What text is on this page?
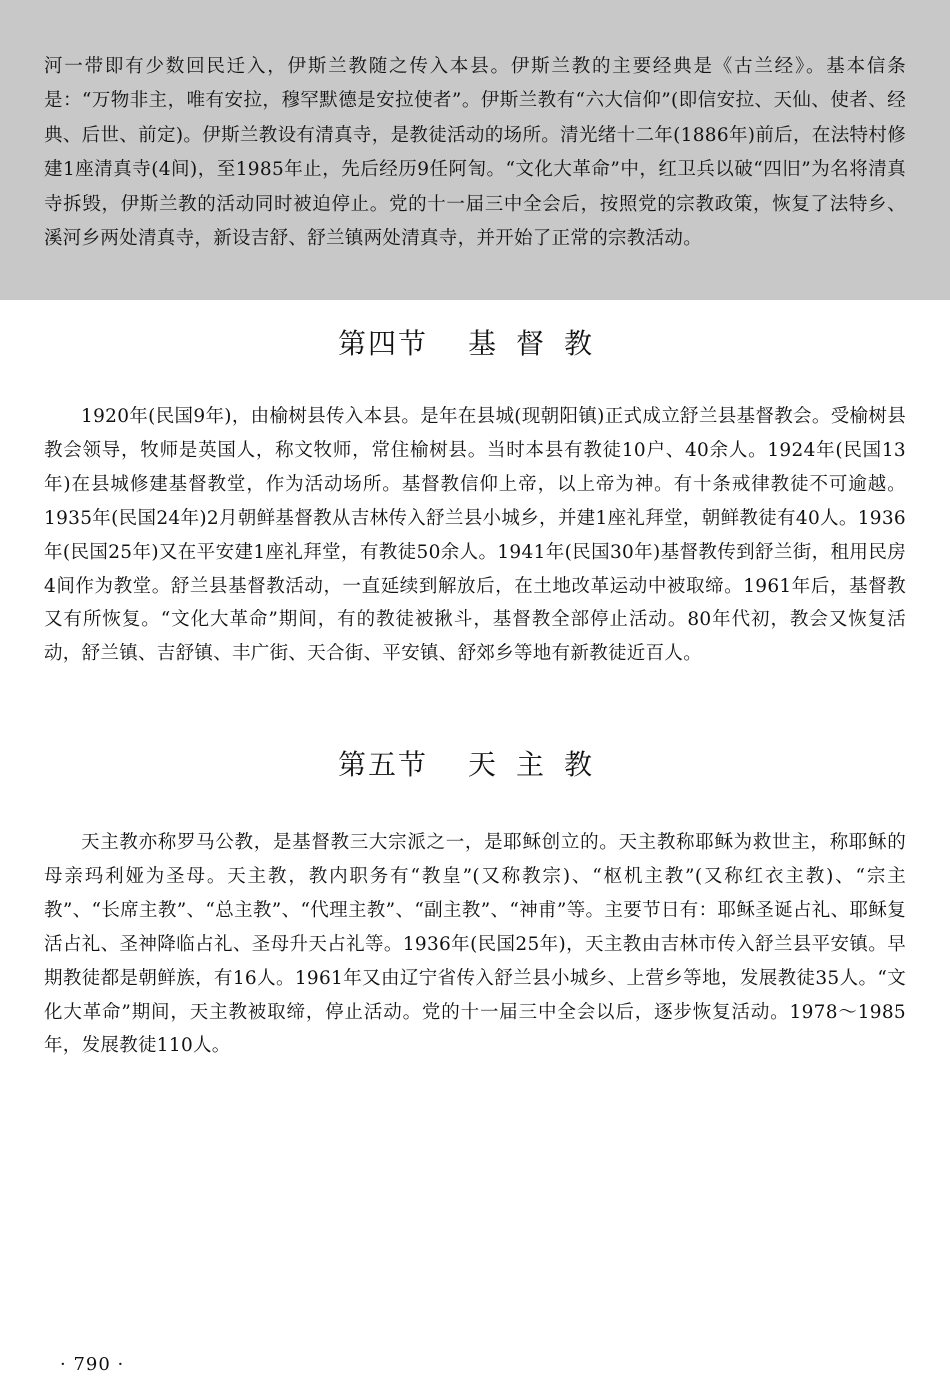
河一带即有少数回民迁入，伊斯兰教随之传入本县。伊斯兰教的主要经典是《古兰经》。基本信条是：“万物非主，唯有安拉，穆罕默德是安拉使者”。伊斯兰教有“六大信仰”(即信安拉、天仙、使者、经典、后世、前定)。伊斯兰教设有清真寺，是教徒活动的场所。清光绪十二年(1886年)前后，在法特村修建1座清真寺(4间)，至1985年止，先后经历9任阿訇。“文化大革命”中，红卫兵以破“四旧”为名将清真寺拆毁，伊斯兰教的活动同时被迫停止。党的十一届三中全会后，按照党的宗教政策，恢复了法特乡、溪河乡两处清真寺，新设吉舒、舒兰镇两处清真寺，并开始了正常的宗教活动。

第四节 基督教

1920年(民国9年)，由榆树县传入本县。是年在县城(现朝阳镇)正式成立舒兰县基督教会。受榆树县教会领导，牧师是英国人，称文牧师，常住榆树县。当时本县有教徒10户、40余人。1924年(民国13年)在县城修建基督教堂，作为活动场所。基督教信仰上帝，以上帝为神。有十条戒律教徒不可逾越。1935年(民国24年)2月朝鲜基督教从吉林传入舒兰县小城乡，并建1座礼拜堂，朝鲜教徒有40人。1936年(民国25年)又在平安建1座礼拜堂，有教徒50余人。1941年(民国30年)基督教传到舒兰街，租用民房4间作为教堂。舒兰县基督教活动，一直延续到解放后，在土地改革运动中被取缔。1961年后，基督教又有所恢复。“文化大革命”期间，有的教徒被揪斗，基督教全部停止活动。80年代初，教会又恢复活动，舒兰镇、吉舒镇、丰广街、天合街、平安镇、舒郊乡等地有新教徒近百人。

第五节 天主教

天主教亦称罗马公教，是基督教三大宗派之一，是耶稣创立的。天主教称耶稣为救世主，称耶稣的母亲玛利娅为圣母。天主教，教内职务有“教皇”(又称教宗)、“枢机主教”(又称红衣主教)、“宗主教”、“长席主教”、“总主教”、“代理主教”、“副主教”、“神甫”等。主要节日有：耶稣圣诞占礼、耶稣复活占礼、圣神降临占礼、圣母升天占礼等。1936年(民国25年)，天主教由吉林市传入舒兰县平安镇。早期教徒都是朝鲜族，有16人。1961年又由辽宁省传入舒兰县小城乡、上营乡等地，发展教徒35人。“文化大革命”期间，天主教被取缔，停止活动。党的十一届三中全会以后，逐步恢复活动。1978～1985年，发展教徒110人。

· 790 ·
